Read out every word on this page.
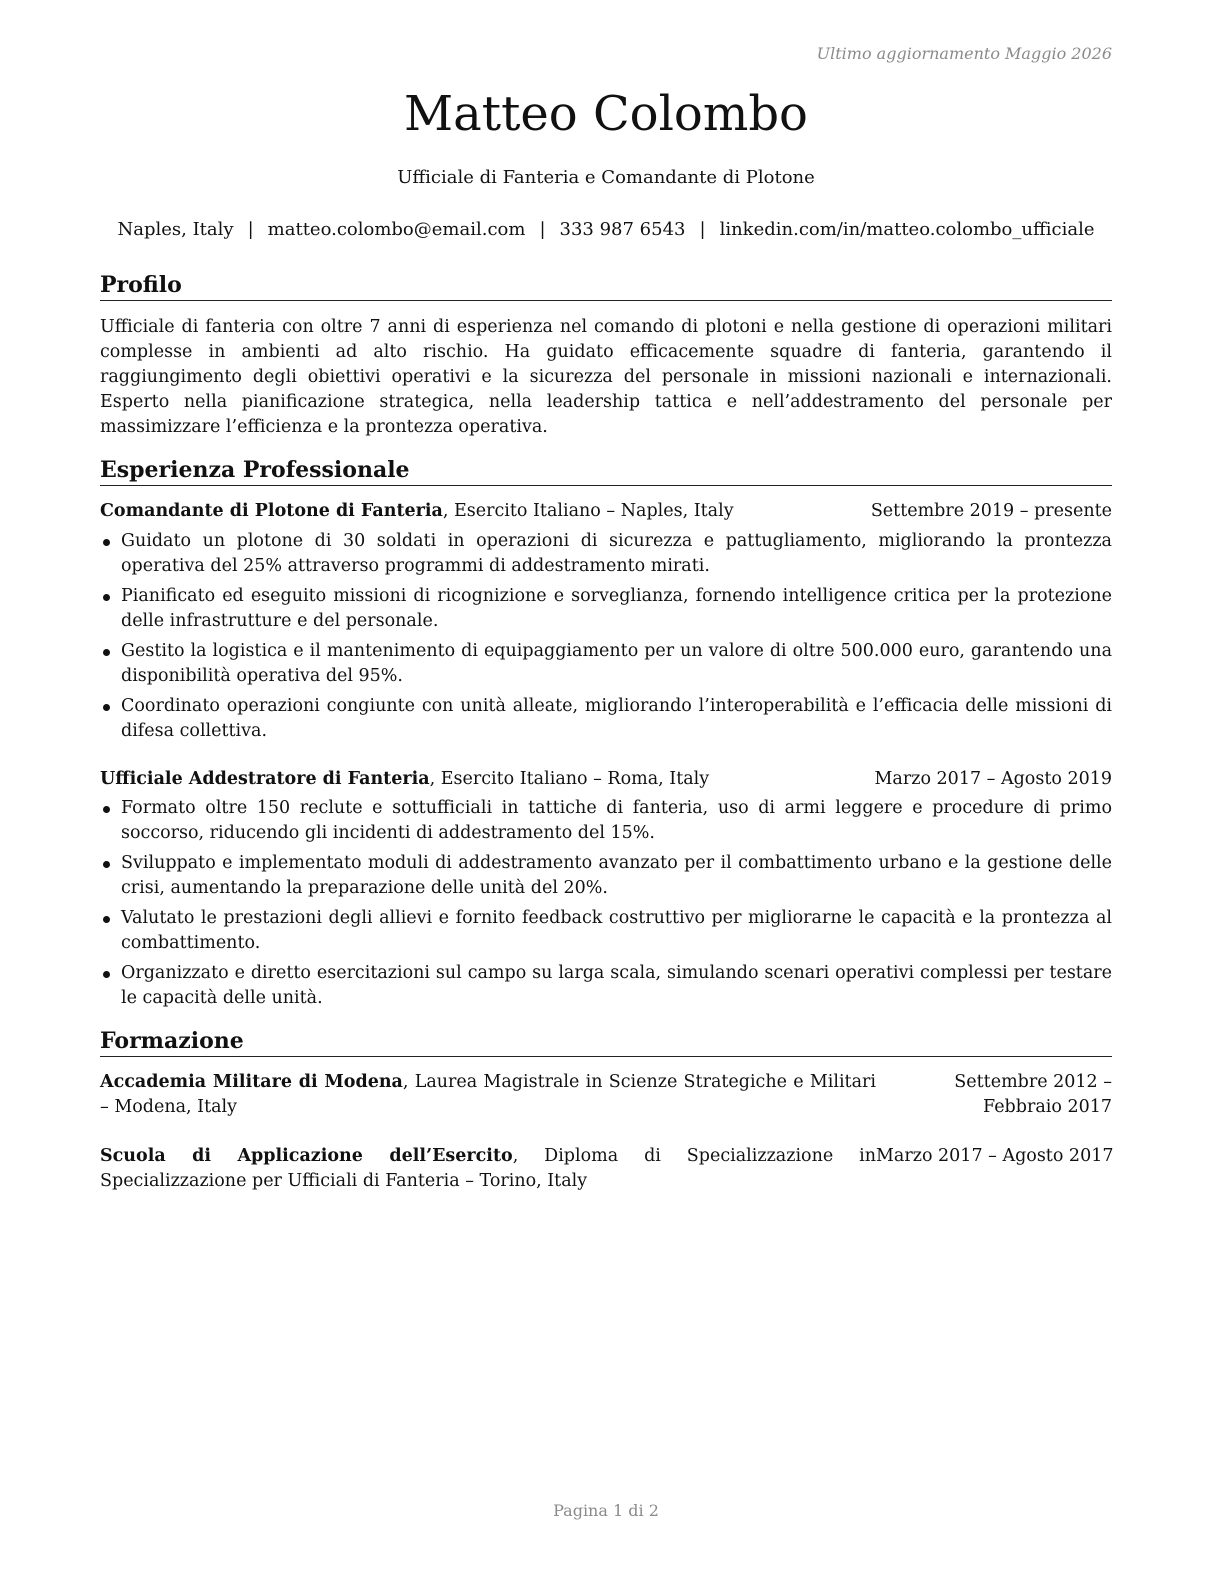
Ultimo aggiornamento Maggio 2026
Matteo Colombo
Ufficiale di Fanteria e Comandante di Plotone
Naples, Italy | matteo.colombo@email.com | 333 987 6543 | linkedin.com/in/matteo.colombo_ufficiale
Profilo
Ufficiale di fanteria con oltre 7 anni di esperienza nel comando di plotoni e nella gestione di operazioni militari complesse in ambienti ad alto rischio. Ha guidato efficacemente squadre di fanteria, garantendo il raggiungimento degli obiettivi operativi e la sicurezza del personale in missioni nazionali e internazionali. Esperto nella pianificazione strategica, nella leadership tattica e nell’addestramento del personale per massimizzare l’efficienza e la prontezza operativa.
Esperienza Professionale
Comandante di Plotone di Fanteria, Esercito Italiano – Naples, Italy	Settembre 2019 – presente
Guidato un plotone di 30 soldati in operazioni di sicurezza e pattugliamento, migliorando la prontezza operativa del 25% attraverso programmi di addestramento mirati.
Pianificato ed eseguito missioni di ricognizione e sorveglianza, fornendo intelligence critica per la protezione delle infrastrutture e del personale.
Gestito la logistica e il mantenimento di equipaggiamento per un valore di oltre 500.000 euro, garantendo una disponibilità operativa del 95%.
Coordinato operazioni congiunte con unità alleate, migliorando l’interoperabilità e l’efficacia delle missioni di difesa collettiva.
Ufficiale Addestratore di Fanteria, Esercito Italiano – Roma, Italy	Marzo 2017 – Agosto 2019
Formato oltre 150 reclute e sottufficiali in tattiche di fanteria, uso di armi leggere e procedure di primo soccorso, riducendo gli incidenti di addestramento del 15%.
Sviluppato e implementato moduli di addestramento avanzato per il combattimento urbano e la gestione delle crisi, aumentando la preparazione delle unità del 20%.
Valutato le prestazioni degli allievi e fornito feedback costruttivo per migliorarne le capacità e la prontezza al combattimento.
Organizzato e diretto esercitazioni sul campo su larga scala, simulando scenari operativi complessi per testare le capacità delle unità.
Formazione
Accademia Militare di Modena, Laurea Magistrale in Scienze Strategiche e Militari – Modena, Italy
Settembre 2012 – Febbraio 2017
Scuola di Applicazione dell’Esercito, Diploma di Specializzazione in Specializzazione per Ufficiali di Fanteria – Torino, Italy
Marzo 2017 – Agosto 2017
Pagina 1 di 2
